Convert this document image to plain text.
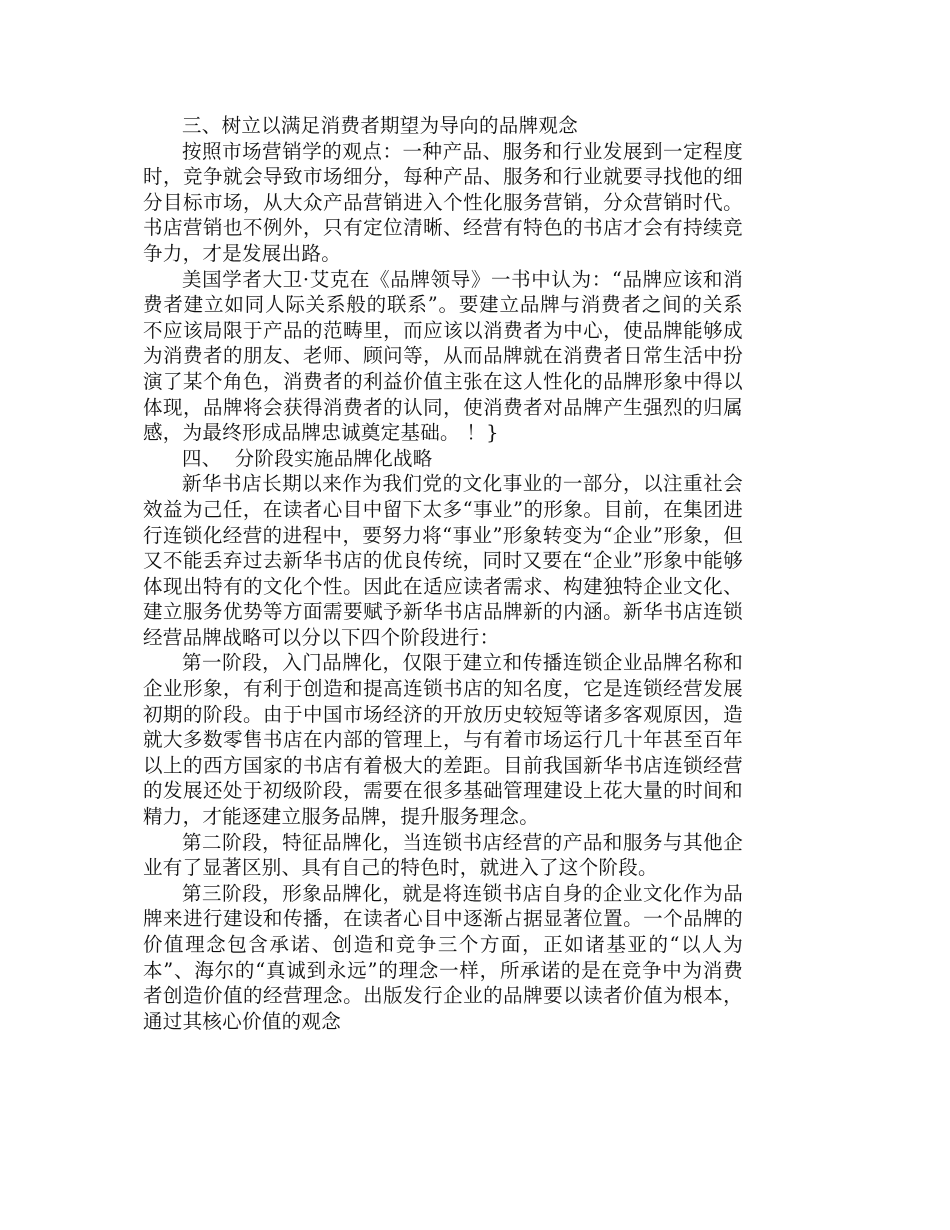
三、树立以满足消费者期望为导向的品牌观念

按照市场营销学的观点：一种产品、服务和行业发展到一定程度时，竞争就会导致市场细分，每种产品、服务和行业就要寻找他的细分目标市场，从大众产品营销进入个性化服务营销，分众营销时代。书店营销也不例外，只有定位清晰、经营有特色的书店才会有持续竞争力，才是发展出路。

美国学者大卫·艾克在《品牌领导》一书中认为：“品牌应该和消费者建立如同人际关系般的联系”。要建立品牌与消费者之间的关系不应该局限于产品的范畴里，而应该以消费者为中心，使品牌能够成为消费者的朋友、老师、顾问等，从而品牌就在消费者日常生活中扮演了某个角色，消费者的利益价值主张在这人性化的品牌形象中得以体现，品牌将会获得消费者的认同，使消费者对品牌产生强烈的归属感，为最终形成品牌忠诚奠定基础。 ！}

四、  分阶段实施品牌化战略

新华书店长期以来作为我们党的文化事业的一部分，以注重社会效益为己任，在读者心目中留下太多“事业”的形象。目前，在集团进行连锁化经营的进程中，要努力将“事业”形象转变为“企业”形象，但又不能丢弃过去新华书店的优良传统，同时又要在“企业”形象中能够体现出特有的文化个性。因此在适应读者需求、构建独特企业文化、建立服务优势等方面需要赋予新华书店品牌新的内涵。新华书店连锁经营品牌战略可以分以下四个阶段进行：

第一阶段，入门品牌化，仅限于建立和传播连锁企业品牌名称和企业形象，有利于创造和提高连锁书店的知名度，它是连锁经营发展初期的阶段。由于中国市场经济的开放历史较短等诸多客观原因，造就大多数零售书店在内部的管理上，与有着市场运行几十年甚至百年以上的西方国家的书店有着极大的差距。目前我国新华书店连锁经营的发展还处于初级阶段，需要在很多基础管理建设上花大量的时间和精力，才能逐建立服务品牌，提升服务理念。

第二阶段，特征品牌化，当连锁书店经营的产品和服务与其他企业有了显著区别、具有自己的特色时，就进入了这个阶段。

第三阶段，形象品牌化，就是将连锁书店自身的企业文化作为品牌来进行建设和传播，在读者心目中逐渐占据显著位置。一个品牌的价值理念包含承诺、创造和竞争三个方面，正如诸基亚的“以人为本”、海尔的“真诚到永远”的理念一样，所承诺的是在竞争中为消费者创造价值的经营理念。出版发行企业的品牌要以读者价值为根本，通过其核心价值的观念
